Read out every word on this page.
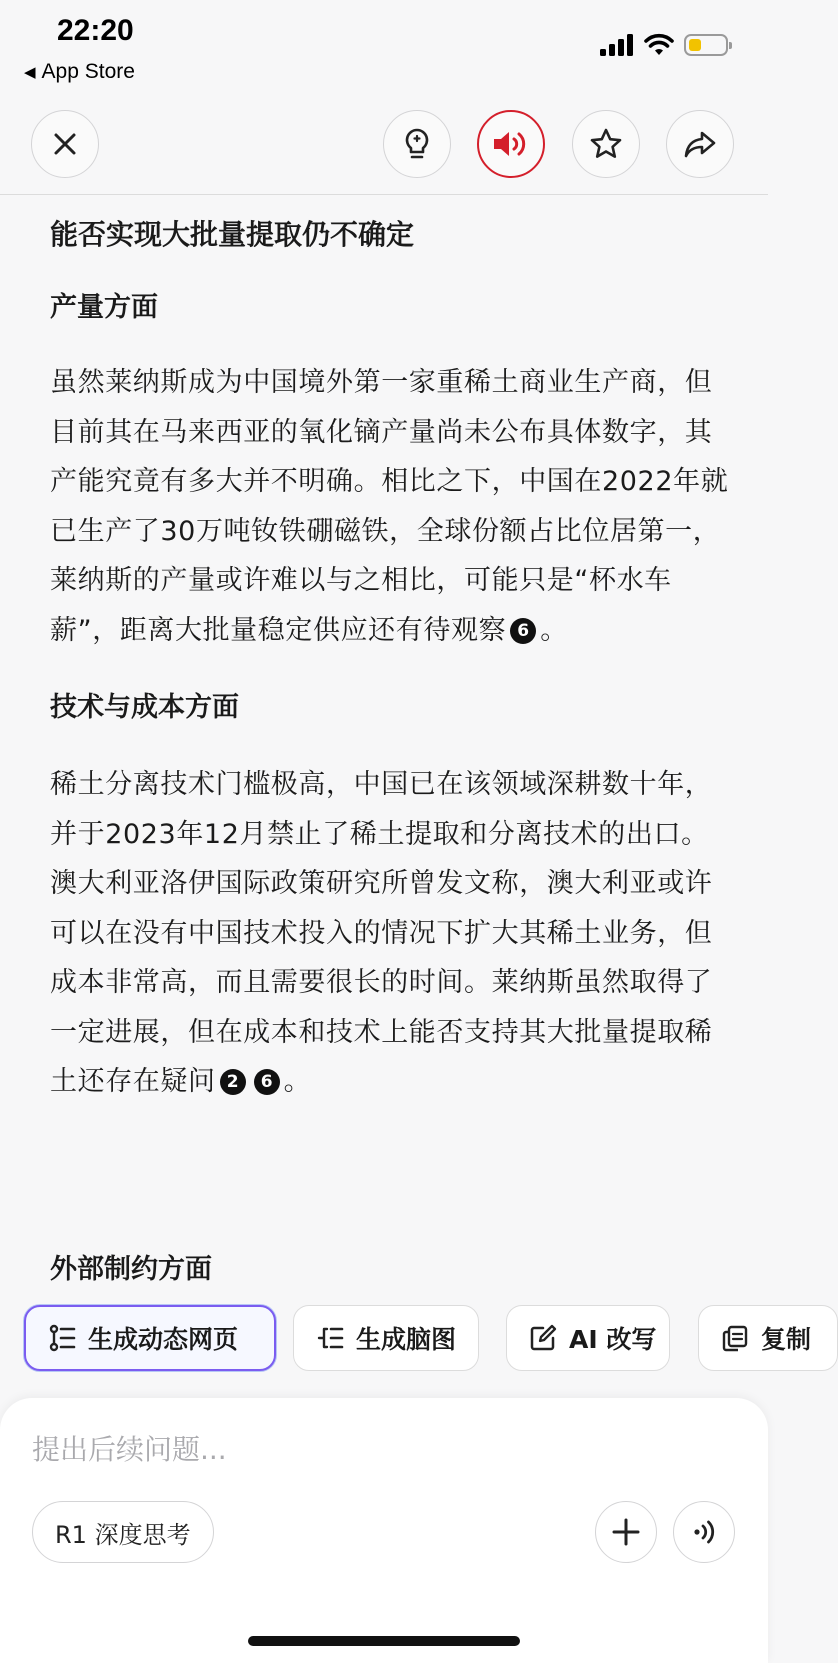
22:20
◀ App Store
能否实现大批量提取仍不确定
产量方面
虽然莱纳斯成为中国境外第一家重稀土商业生产商，但目前其在马来西亚的氧化镝产量尚未公布具体数字，其产能究竟有多大并不明确。相比之下，中国在2022年就已生产了30万吨钕铁硼磁铁，全球份额占比位居第一，莱纳斯的产量或许难以与之相比，可能只是“杯水车薪”，距离大批量稳定供应还有待观察 6 。
技术与成本方面
稀土分离技术门槛极高，中国已在该领域深耕数十年，并于2023年12月禁止了稀土提取和分离技术的出口。澳大利亚洛伊国际政策研究所曾发文称，澳大利亚或许可以在没有中国技术投入的情况下扩大其稀土业务，但成本非常高，而且需要很长的时间。莱纳斯虽然取得了一定进展，但在成本和技术上能否支持其大批量提取稀土还存在疑问 2 6 。
外部制约方面
生成动态网页	生成脑图	AI 改写	复制
提出后续问题...
R1 深度思考
